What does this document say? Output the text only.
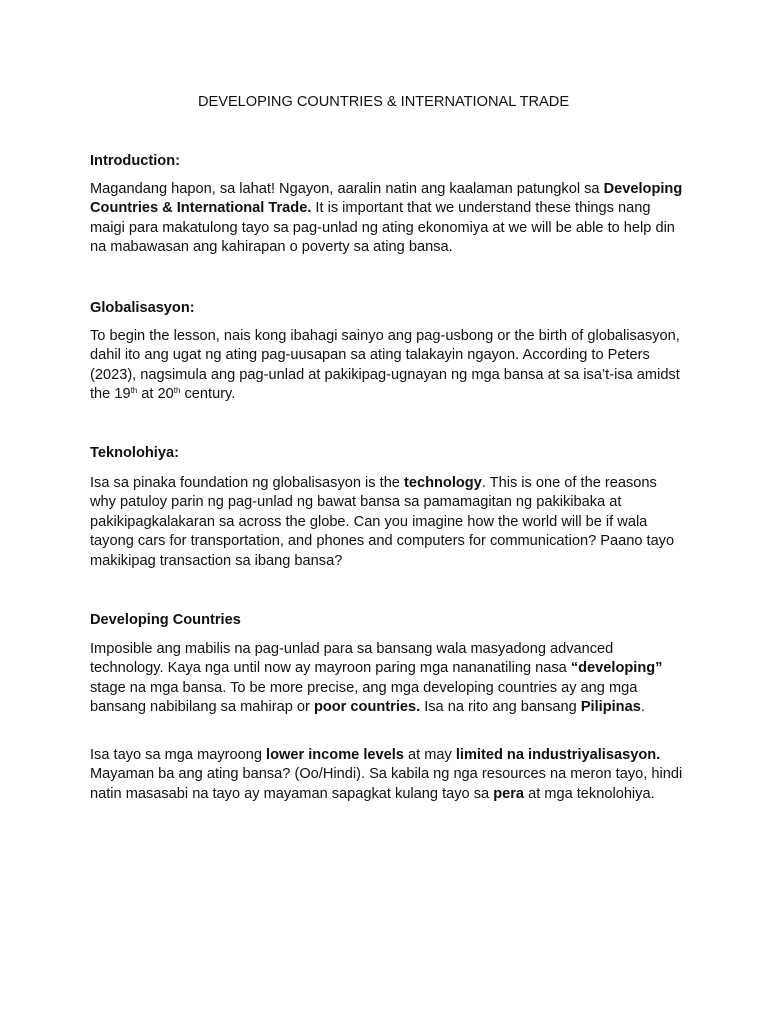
DEVELOPING COUNTRIES & INTERNATIONAL TRADE
Introduction:

Magandang hapon, sa lahat! Ngayon, aaralin natin ang kaalaman patungkol sa Developing Countries & International Trade. It is important that we understand these things nang maigi para makatulong tayo sa pag-unlad ng ating ekonomiya at we will be able to help din na mabawasan ang kahirapan o poverty sa ating bansa.

Globalisasyon:

To begin the lesson, nais kong ibahagi sainyo ang pag-usbong or the birth of globalisasyon, dahil ito ang ugat ng ating pag-uusapan sa ating talakayin ngayon. According to Peters (2023), nagsimula ang pag-unlad at pakikipag-ugnayan ng mga bansa at sa isa’t-isa amidst the 19th at 20th century.

Teknolohiya:

Isa sa pinaka foundation ng globalisasyon is the technology. This is one of the reasons why patuloy parin ng pag-unlad ng bawat bansa sa pamamagitan ng pakikibaka at pakikipagkalakaran sa across the globe. Can you imagine how the world will be if wala tayong cars for transportation, and phones and computers for communication? Paano tayo makikipag transaction sa ibang bansa?

Developing Countries

Imposible ang mabilis na pag-unlad para sa bansang wala masyadong advanced technology. Kaya nga until now ay mayroon paring mga nananatiling nasa “developing” stage na mga bansa. To be more precise, ang mga developing countries ay ang mga bansang nabibilang sa mahirap or poor countries. Isa na rito ang bansang Pilipinas.

Isa tayo sa mga mayroong lower income levels at may limited na industriyalisasyon. Mayaman ba ang ating bansa? (Oo/Hindi). Sa kabila ng nga resources na meron tayo, hindi natin masasabi na tayo ay mayaman sapagkat kulang tayo sa pera at mga teknolohiya.
